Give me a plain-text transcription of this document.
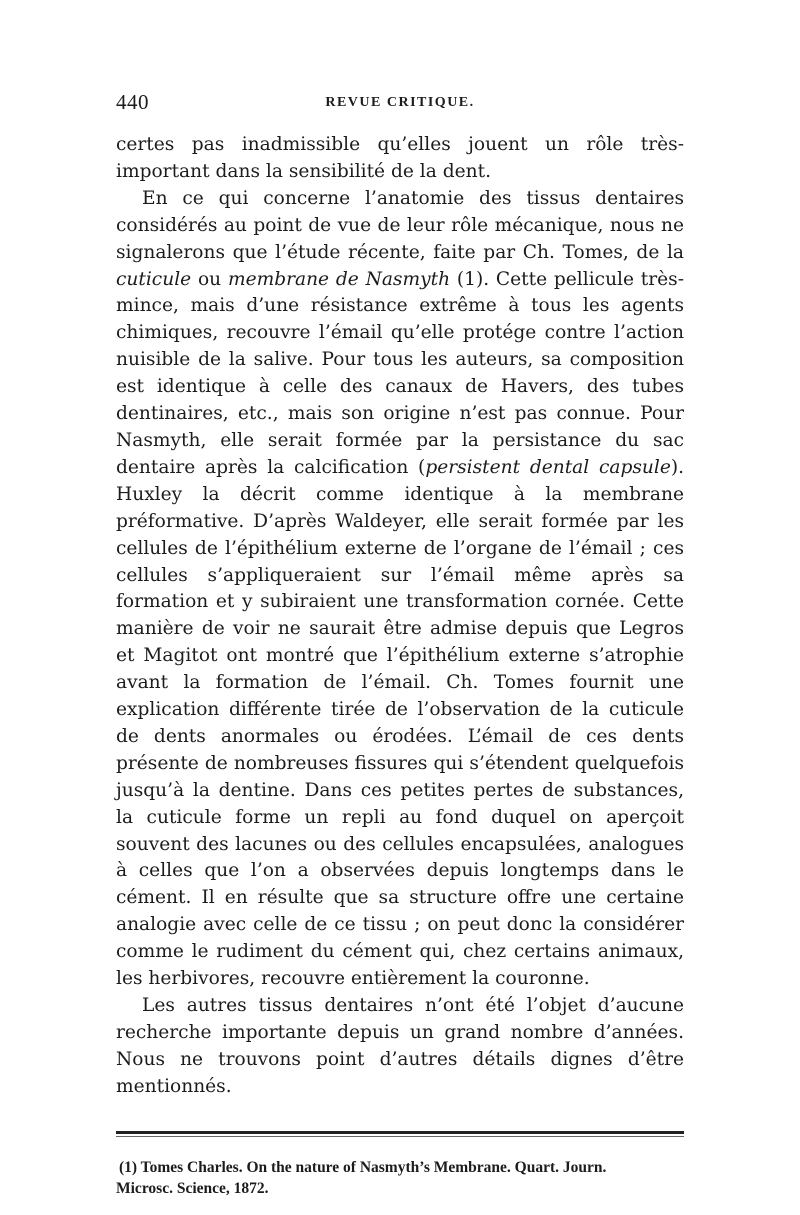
440	REVUE CRITIQUE.

certes pas inadmissible qu’elles jouent un rôle très-important dans la sensibilité de la dent.

En ce qui concerne l’anatomie des tissus dentaires considérés au point de vue de leur rôle mécanique, nous ne signalerons que l’étude récente, faite par Ch. Tomes, de la cuticule ou membrane de Nasmyth (1). Cette pellicule très-mince, mais d’une résistance extrême à tous les agents chimiques, recouvre l’émail qu’elle protége contre l’action nuisible de la salive. Pour tous les auteurs, sa composition est identique à celle des canaux de Havers, des tubes dentinaires, etc., mais son origine n’est pas connue. Pour Nasmyth, elle serait formée par la persistance du sac dentaire après la calcification (persistent dental capsule). Huxley la décrit comme identique à la membrane préformative. D’après Waldeyer, elle serait formée par les cellules de l’épithélium externe de l’organe de l’émail ; ces cellules s’appliqueraient sur l’émail même après sa formation et y subiraient une transformation cornée. Cette manière de voir ne saurait être admise depuis que Legros et Magitot ont montré que l’épithélium externe s’atrophie avant la formation de l’émail. Ch. Tomes fournit une explication différente tirée de l’observation de la cuticule de dents anormales ou érodées. L’émail de ces dents présente de nombreuses fissures qui s’étendent quelquefois jusqu’à la dentine. Dans ces petites pertes de substances, la cuticule forme un repli au fond duquel on aperçoit souvent des lacunes ou des cellules encapsulées, analogues à celles que l’on a observées depuis longtemps dans le cément. Il en résulte que sa structure offre une certaine analogie avec celle de ce tissu ; on peut donc la considérer comme le rudiment du cément qui, chez certains animaux, les herbivores, recouvre entièrement la couronne.

Les autres tissus dentaires n’ont été l’objet d’aucune recherche importante depuis un grand nombre d’années. Nous ne trouvons point d’autres détails dignes d’être mentionnés.

(1) Tomes Charles. On the nature of Nasmyth’s Membrane. Quart. Journ.
Microsc. Science, 1872.
